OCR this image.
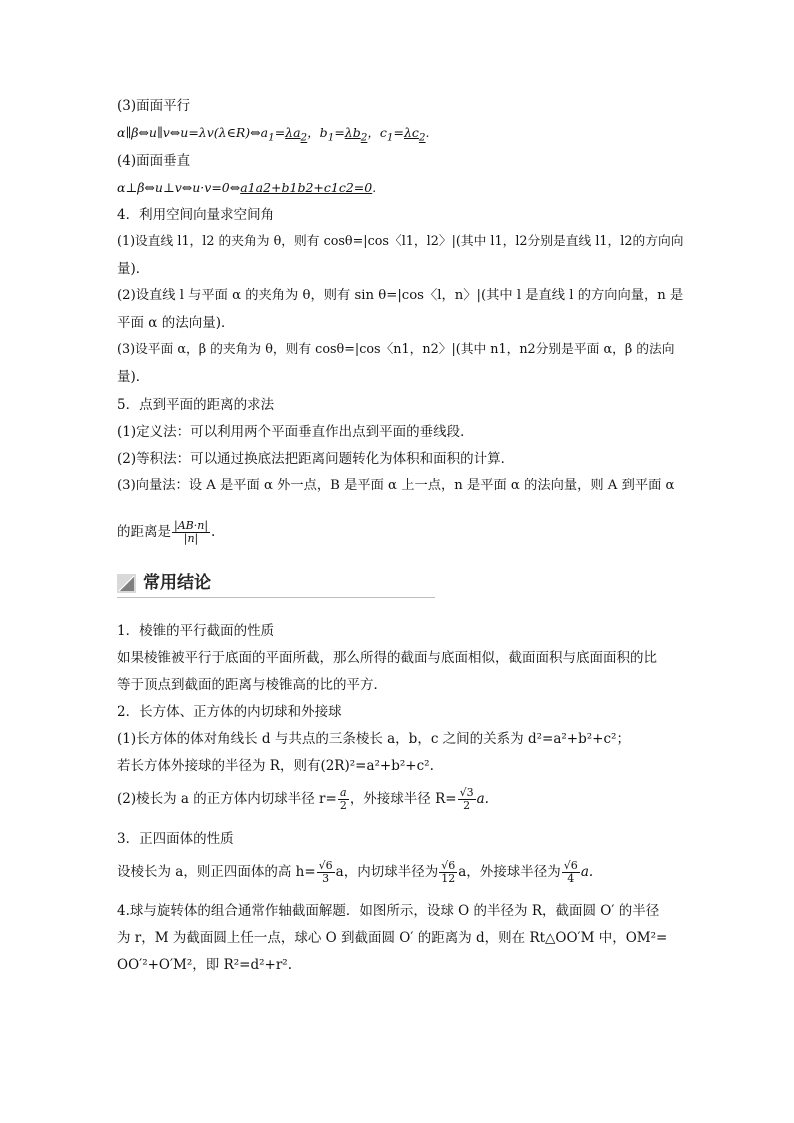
(3)面面平行
$\alpha\parallel\beta\Leftrightarrow u\parallel v\Leftrightarrow u=\lambda v(\lambda\in R)\Leftrightarrow a_1=\lambda a_2$，$b_1=\lambda b_2$，$c_1=\lambda c_2$.
(4)面面垂直
α⊥β⇔u⊥v⇔u·v=0⇔a1a2+b1b2+c1c2=0.
4．利用空间向量求空间角
(1)设直线 l1，l2 的夹角为 θ，则有 cosθ=|cos〈l1，l2〉|(其中 l1，l2分别是直线 l1，l2的方向向
量)．
(2)设直线 l 与平面 α 的夹角为 θ，则有 sin θ=|cos〈l，n〉|(其中 l 是直线 l 的方向向量，n 是
平面 α 的法向量)．
(3)设平面 α，β 的夹角为 θ，则有 cosθ=|cos〈n1，n2〉|(其中 n1，n2分别是平面 α，β 的法向
量)．
5．点到平面的距离的求法
(1)定义法：可以利用两个平面垂直作出点到平面的垂线段．
(2)等积法：可以通过换底法把距离问题转化为体积和面积的计算．
(3)向量法：设 A 是平面 α 外一点，B 是平面 α 上一点，n 是平面 α 的法向量，则 A 到平面 α
的距离是 $\frac{|AB\cdot n|}{|n|}$ .
常用结论
1．棱锥的平行截面的性质
如果棱锥被平行于底面的平面所截，那么所得的截面与底面相似，截面面积与底面面积的比
等于顶点到截面的距离与棱锥高的比的平方．
2．长方体、正方体的内切球和外接球
(1)长方体的体对角线长 d 与共点的三条棱长 a，b，c 之间的关系为 d²=a²+b²+c²；
若长方体外接球的半径为 R，则有(2R)²=a²+b²+c².
(2)棱长为 a 的正方体内切球半径 $r= \frac{a}{2}$ ，外接球半径 $R= \frac{√3}{2} a$.
3．正四面体的性质
设棱长为 a，则正四面体的高 $h= \frac{√6}{3}$ a，内切球半径为 $\frac{√6}{12}$ a，外接球半径为 $\frac{√6}{4} a$.
4.球与旋转体的组合通常作轴截面解题．如图所示，设球 O 的半径为 R，截面圆 O′ 的半径
为 r，M 为截面圆上任一点，球心 O 到截面圆 O′ 的距离为 d，则在 Rt△OO′M 中，OM²=
OO′²+O′M²，即 R²=d²+r².
